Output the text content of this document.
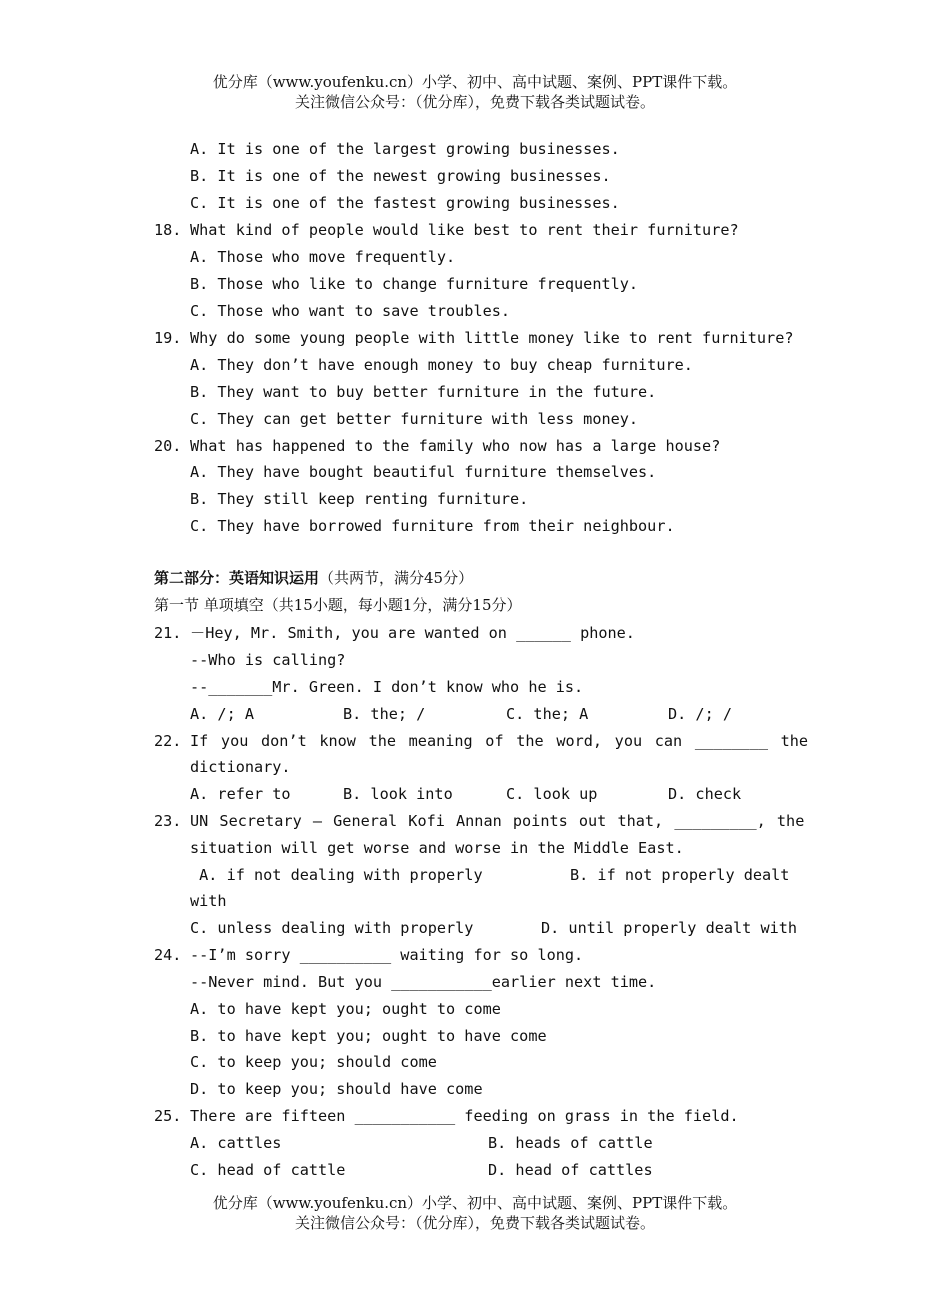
优分库（www.youfenku.cn）小学、初中、高中试题、案例、PPT课件下载。
关注微信公众号：（优分库），免费下载各类试题试卷。
A. It is one of the largest growing businesses.
B. It is one of the newest growing businesses.
C. It is one of the fastest growing businesses.
18. What kind of people would like best to rent their furniture?
A. Those who move frequently.
B. Those who like to change furniture frequently.
C. Those who want to save troubles.
19. Why do some young people with little money like to rent furniture?
A. They don’t have enough money to buy cheap furniture.
B. They want to buy better furniture in the future.
C. They can get better furniture with less money.
20. What has happened to the family who now has a large house?
A. They have bought beautiful furniture themselves.
B. They still keep renting furniture.
C. They have borrowed furniture from their neighbour.
第二部分：英语知识运用（共两节，满分45分）
第一节 单项填空（共15小题，每小题1分，满分15分）
21. －Hey, Mr. Smith, you are wanted on ______ phone.
--Who is calling?
--_______Mr. Green. I don’t know who he is.
A. /; A	B. the; /	C. the; A	D. /; /
22. If you don’t know the meaning of the word, you can ________ the
dictionary.
A. refer to	B. look into	C. look up	D. check
23. UN Secretary – General Kofi Annan points out that, _________, the
situation will get worse and worse in the Middle East.
A. if not dealing with properly	B. if not properly dealt
with
C. unless dealing with properly	D. until properly dealt with
24. --I’m sorry __________ waiting for so long.
--Never mind. But you ___________earlier next time.
A. to have kept you; ought to come
B. to have kept you; ought to have come
C. to keep you; should come
D. to keep you; should have come
25. There are fifteen ___________ feeding on grass in the field.
A. cattles	B. heads of cattle
C. head of cattle	D. head of cattles
优分库（www.youfenku.cn）小学、初中、高中试题、案例、PPT课件下载。
关注微信公众号：（优分库），免费下载各类试题试卷。
